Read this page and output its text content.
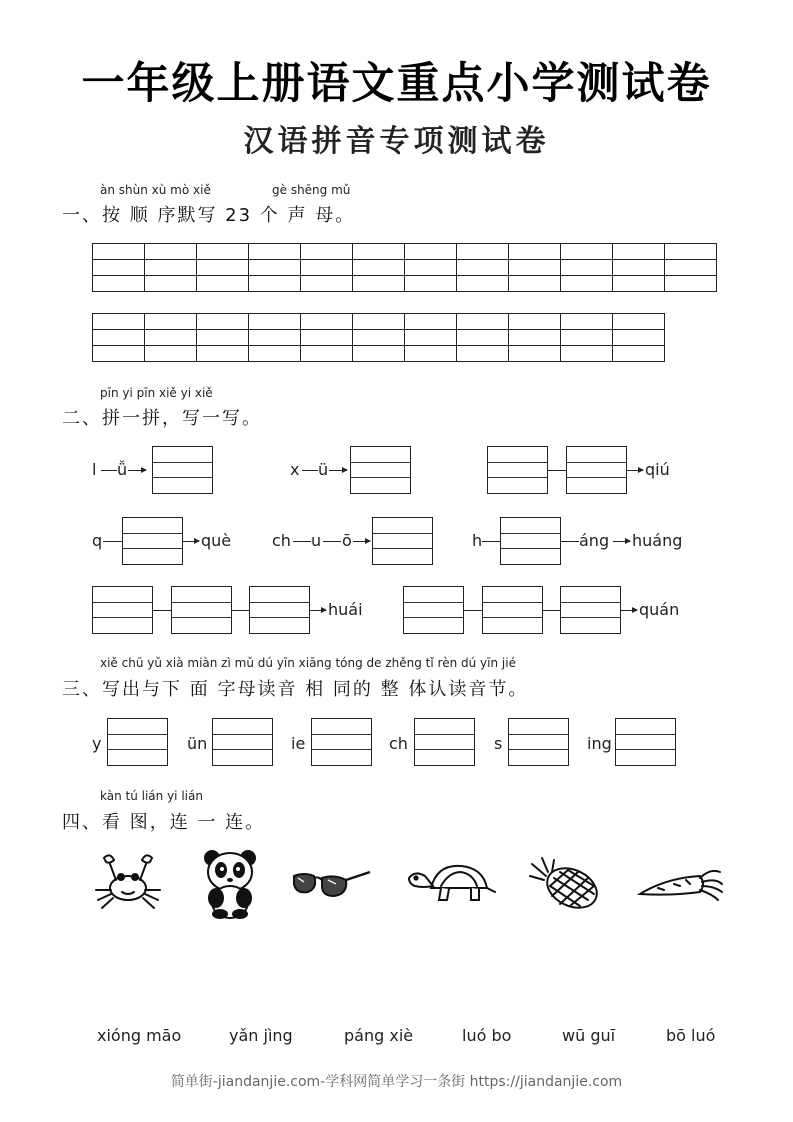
一年级上册语文重点小学测试卷
汉语拼音专项测试卷
àn shùn xù mò xiě	gè shēng mǔ
一、按 顺 序默写 23 个 声 母。

pīn yi pīn xiě yi xiě
二、拼一拼，写一写。
l ǚ	x ü	qiú
q	què	ch u ō	h	áng huáng
huái	quán
xiě chū yǔ xià miàn zì mǔ dú yīn xiāng tóng de zhěng tǐ rèn dú yīn jié
三、写出与下 面 字母读音 相 同的 整 体认读音节。
y	ün	ie	ch	s	ing
kàn tú lián yi lián
四、看 图，连 一 连。
xióng māo	yǎn jìng	páng xiè	luó bo	wū guī	bō luó
简单街-jiandanjie.com-学科网简单学习一条街 https://jiandanjie.com
